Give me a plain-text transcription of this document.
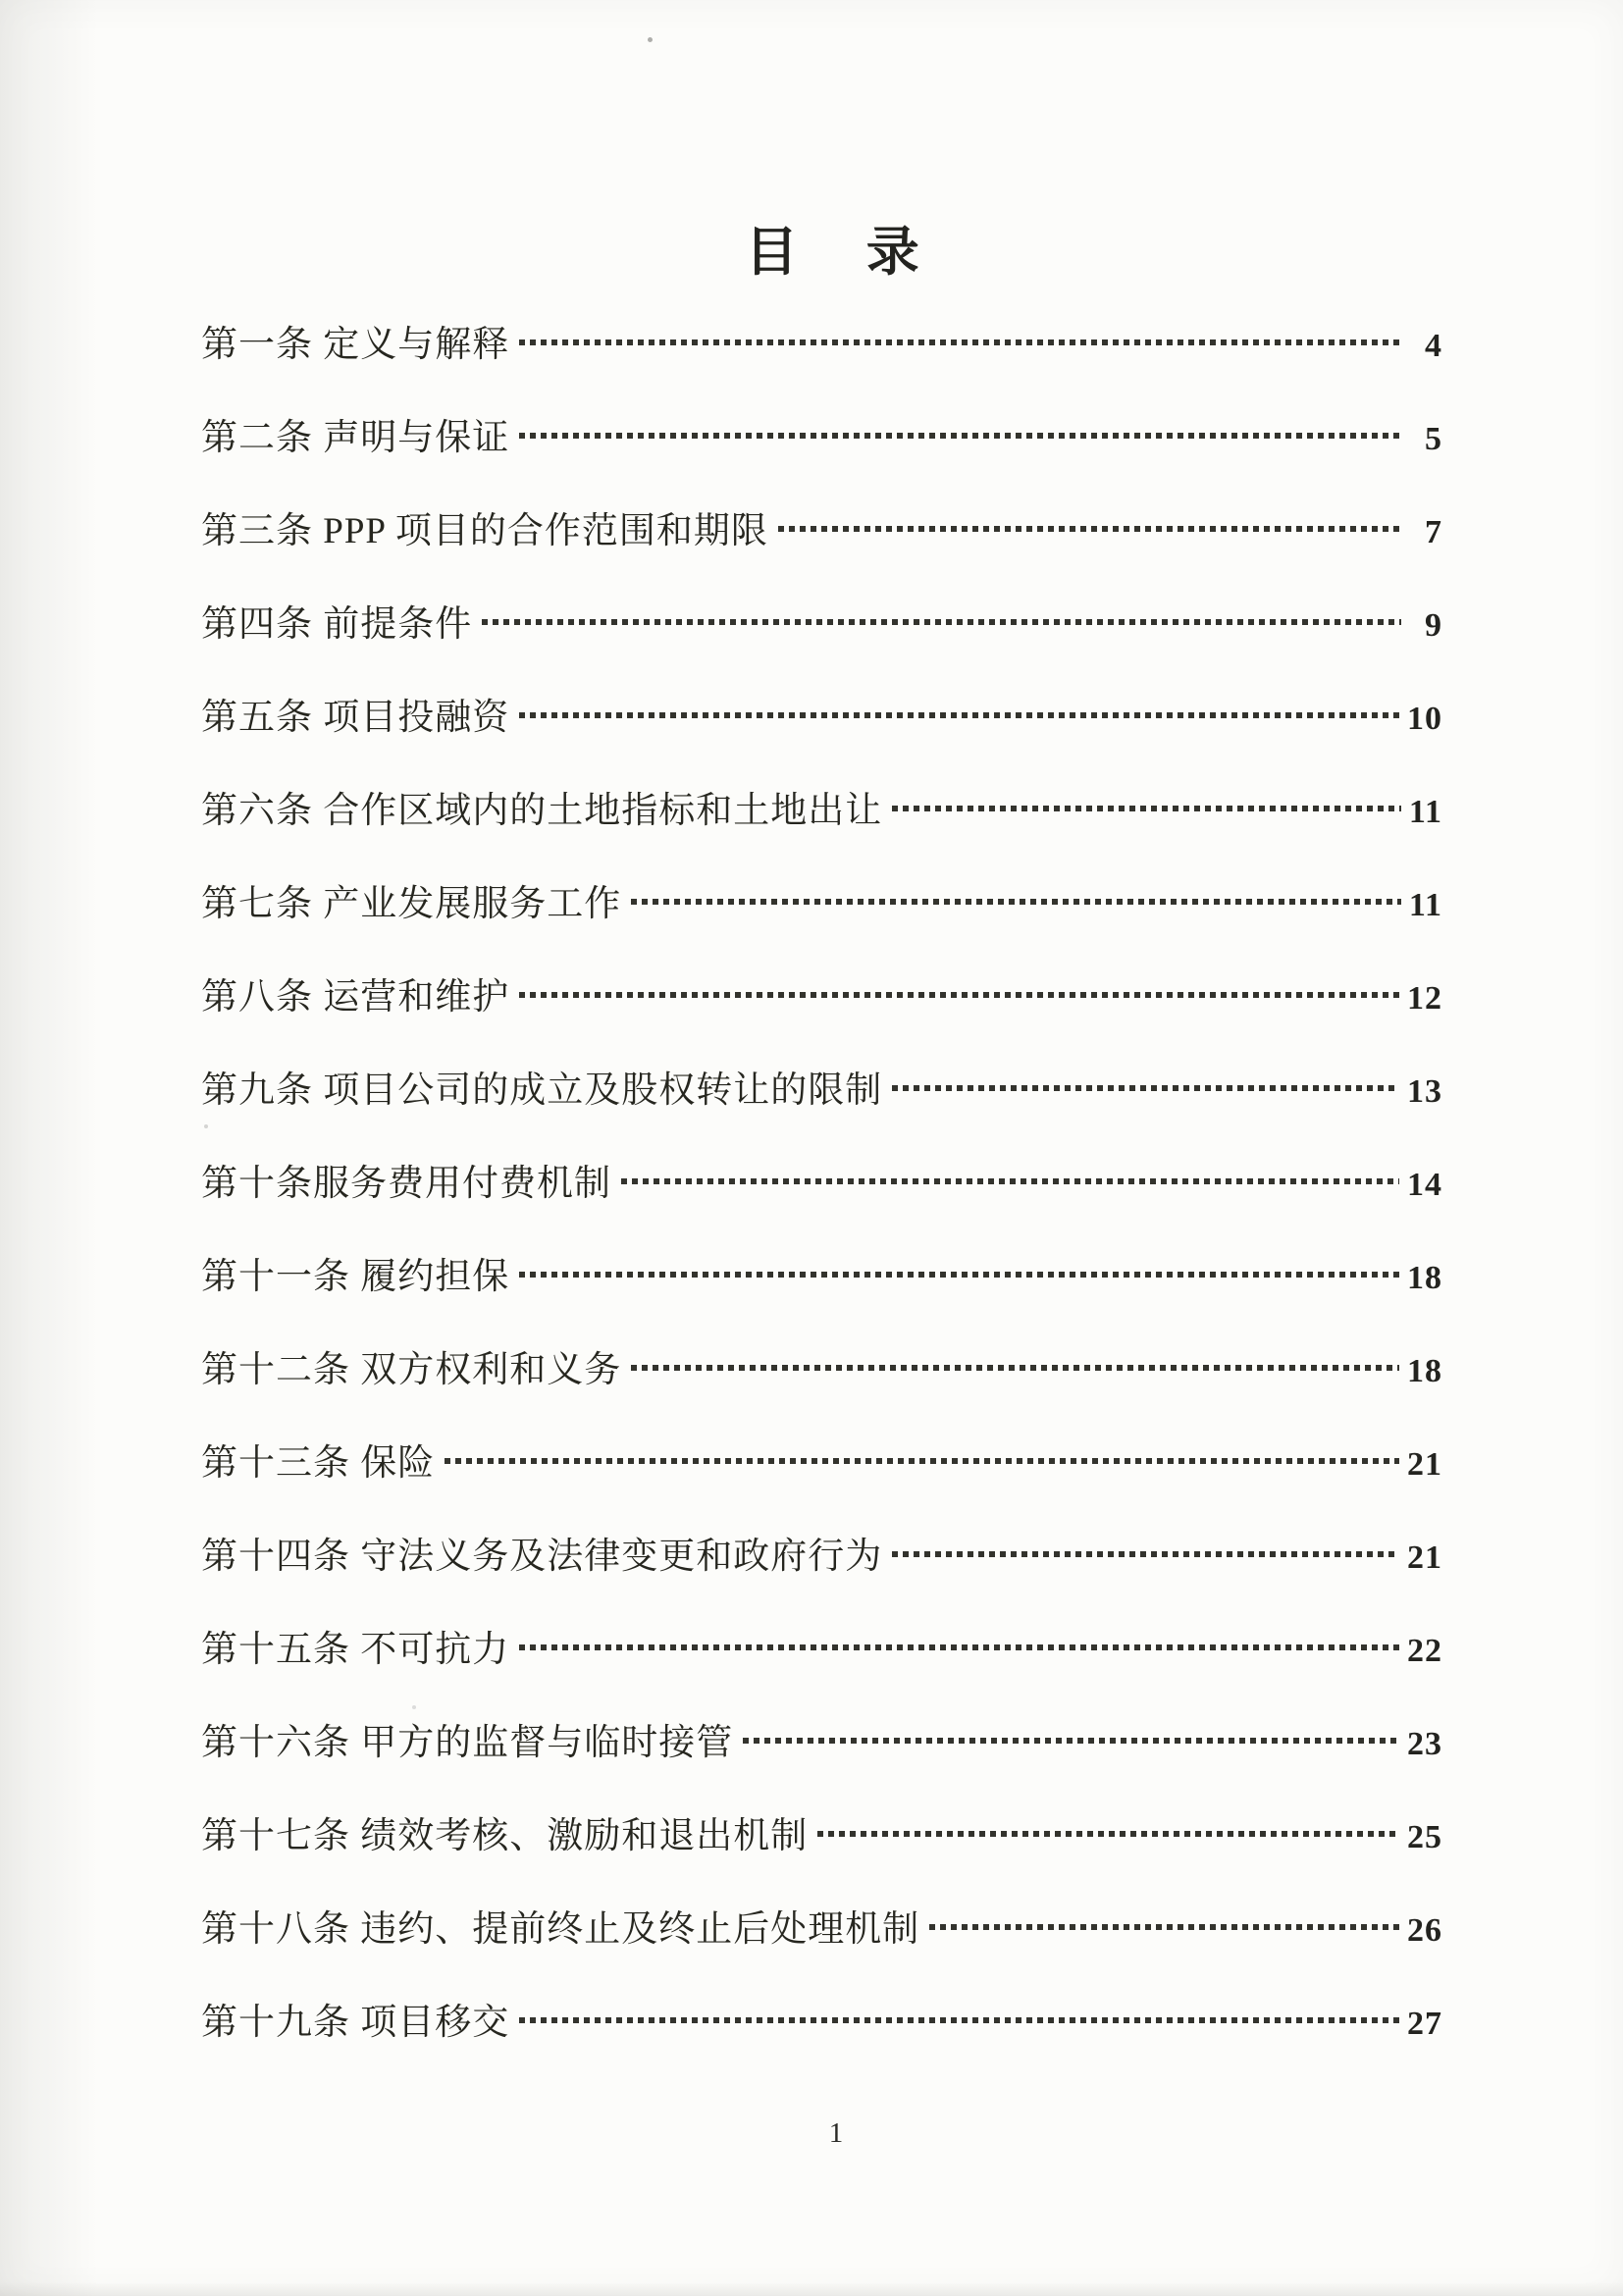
目 录
第一条 定义与解释	4
第二条 声明与保证	5
第三条 PPP 项目的合作范围和期限	7
第四条 前提条件	9
第五条 项目投融资	10
第六条 合作区域内的土地指标和土地出让	11
第七条 产业发展服务工作	11
第八条 运营和维护	12
第九条 项目公司的成立及股权转让的限制	13
第十条服务费用付费机制	14
第十一条 履约担保	18
第十二条 双方权利和义务	18
第十三条 保险	21
第十四条 守法义务及法律变更和政府行为	21
第十五条 不可抗力	22
第十六条 甲方的监督与临时接管	23
第十七条 绩效考核、激励和退出机制	25
第十八条 违约、提前终止及终止后处理机制	26
第十九条 项目移交	27
1
